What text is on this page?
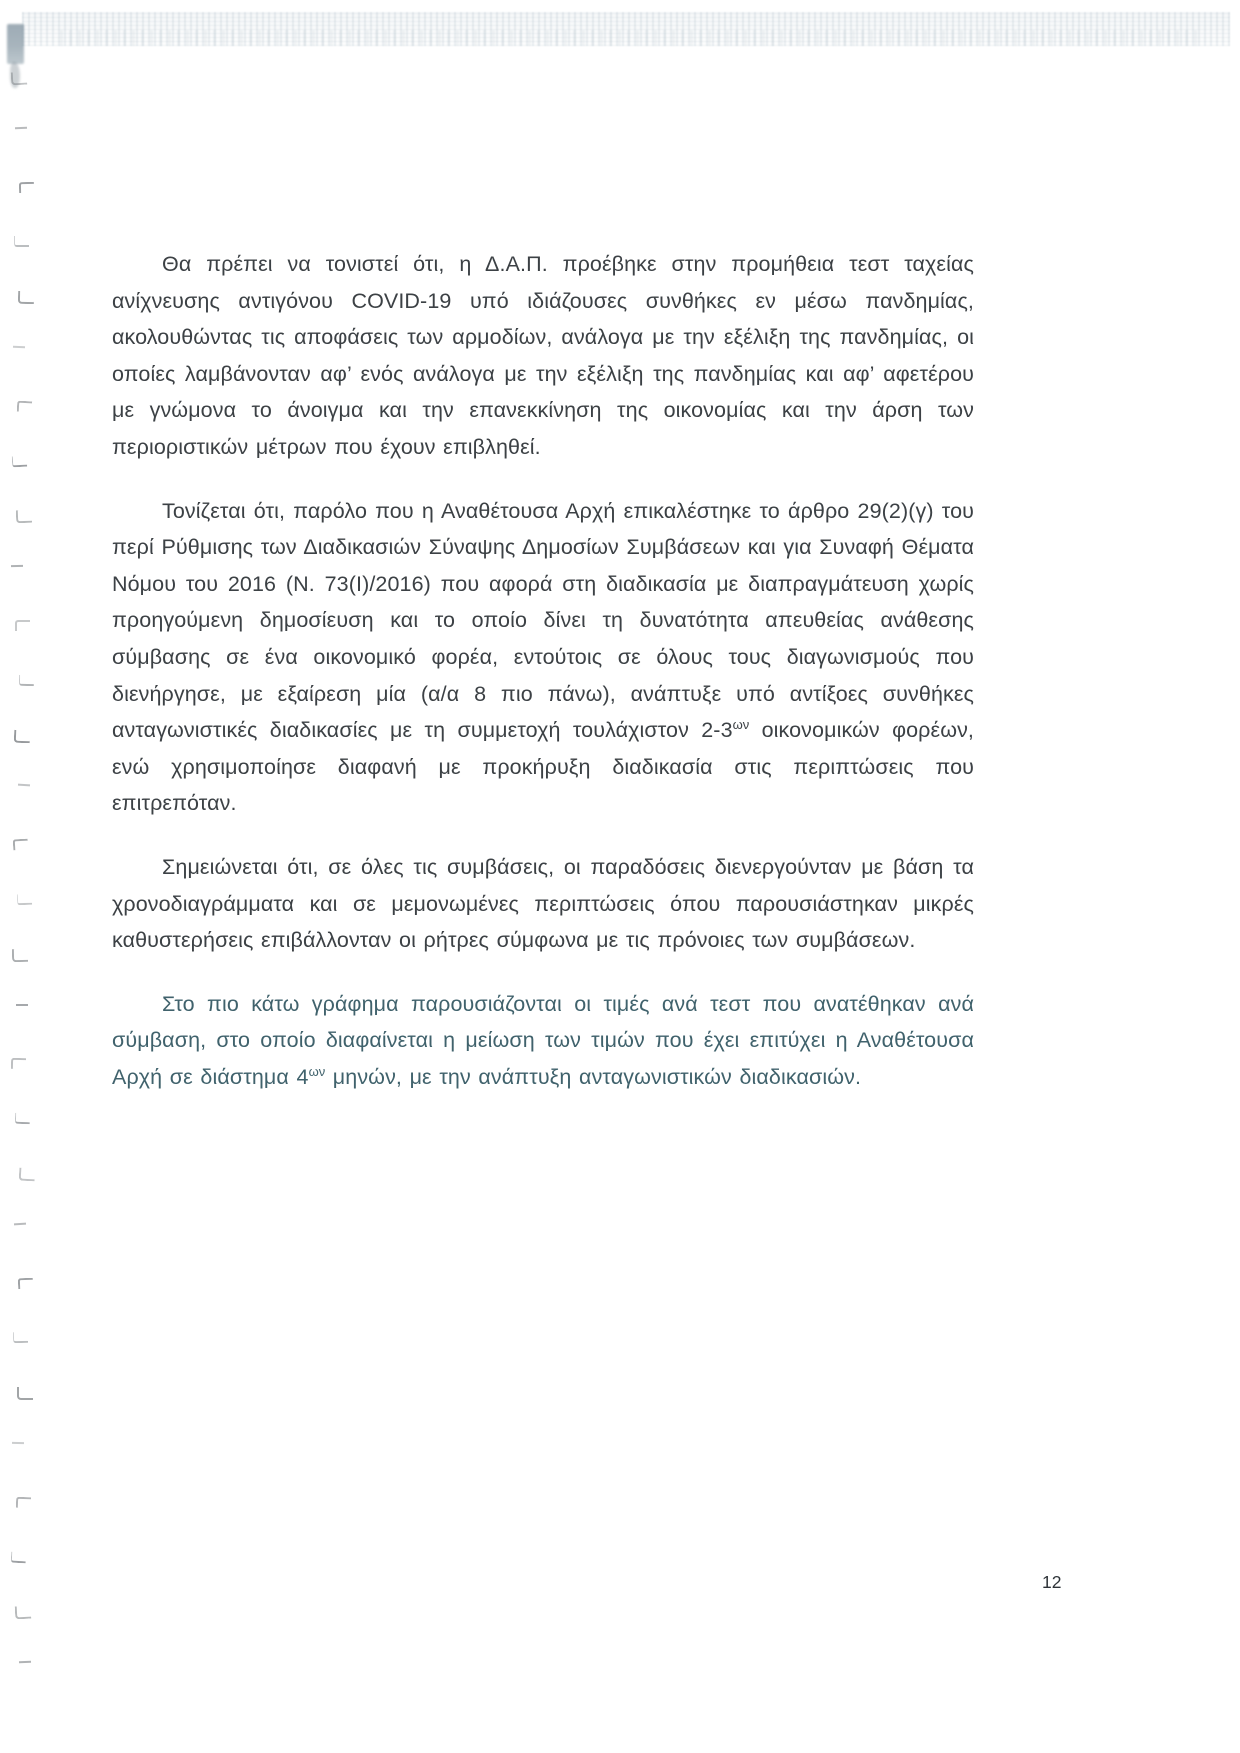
Θα πρέπει να τονιστεί ότι, η Δ.Α.Π. προέβηκε στην προμήθεια τεστ ταχείας ανίχνευσης αντιγόνου COVID-19 υπό ιδιάζουσες συνθήκες εν μέσω πανδημίας, ακολουθώντας τις αποφάσεις των αρμοδίων, ανάλογα με την εξέλιξη της πανδημίας, οι οποίες λαμβάνονταν αφ’ ενός ανάλογα με την εξέλιξη της πανδημίας και αφ’ αφετέρου με γνώμονα το άνοιγμα και την επανεκκίνηση της οικονομίας και την άρση των περιοριστικών μέτρων που έχουν επιβληθεί.

Τονίζεται ότι, παρόλο που η Αναθέτουσα Αρχή επικαλέστηκε το άρθρο 29(2)(γ) του περί Ρύθμισης των Διαδικασιών Σύναψης Δημοσίων Συμβάσεων και για Συναφή Θέματα Νόμου του 2016 (Ν. 73(Ι)/2016) που αφορά στη διαδικασία με διαπραγμάτευση χωρίς προηγούμενη δημοσίευση και το οποίο δίνει τη δυνατότητα απευθείας ανάθεσης σύμβασης σε ένα οικονομικό φορέα, εντούτοις σε όλους τους διαγωνισμούς που διενήργησε, με εξαίρεση μία (α/α 8 πιο πάνω), ανάπτυξε υπό αντίξοες συνθήκες ανταγωνιστικές διαδικασίες με τη συμμετοχή τουλάχιστον $2-3^{\omega\nu}$ οικονομικών φορέων, ενώ χρησιμοποίησε διαφανή με προκήρυξη διαδικασία στις περιπτώσεις που επιτρεπόταν.

Σημειώνεται ότι, σε όλες τις συμβάσεις, οι παραδόσεις διενεργούνταν με βάση τα χρονοδιαγράμματα και σε μεμονωμένες περιπτώσεις όπου παρουσιάστηκαν μικρές καθυστερήσεις επιβάλλονταν οι ρήτρες σύμφωνα με τις πρόνοιες των συμβάσεων.

Στο πιο κάτω γράφημα παρουσιάζονται οι τιμές ανά τεστ που ανατέθηκαν ανά σύμβαση, στο οποίο διαφαίνεται η μείωση των τιμών που έχει επιτύχει η Αναθέτουσα Αρχή σε διάστημα $4^{\omega\nu}$ μηνών, με την ανάπτυξη ανταγωνιστικών διαδικασιών.

12
